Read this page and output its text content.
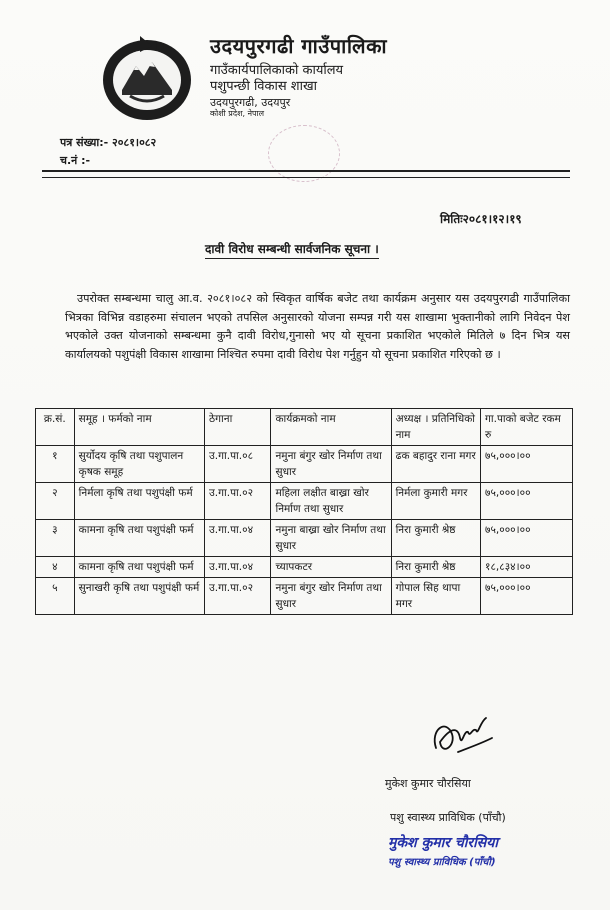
उदयपुरगढी गाउँपालिका
गाउँकार्यपालिकाको कार्यालय
पशुपन्छी विकास शाखा
उदयपुरगढी, उदयपुर
कोशी प्रदेश, नेपाल
पत्र संख्या:- २०८१।०८२
च.नं :-
मितिः२०८१।१२।१९
दावी विरोध सम्बन्धी सार्वजनिक सूचना ।
उपरोक्त सम्बन्धमा चालु आ.व. २०८१।०८२ को स्विकृत वार्षिक बजेट तथा कार्यक्रम अनुसार यस उदयपुरगढी गाउँपालिका भित्रका विभिन्न वडाहरुमा संचालन भएको तपसिल अनुसारको योजना सम्पन्न गरी यस शाखामा भुक्तानीको लागि निवेदन पेश भएकोले उक्त योजनाको सम्बन्धमा कुनै दावी विरोध,गुनासो भए यो सूचना प्रकाशित भएकोले मितिले ७ दिन भित्र यस कार्यालयको पशुपंक्षी विकास शाखामा निश्चित रुपमा दावी विरोध पेश गर्नुहुन यो सूचना प्रकाशित गरिएको छ ।
क्र.सं.	समूह । फर्मको नाम	ठेगाना	कार्यक्रमको नाम	अध्यक्ष । प्रतिनिधिको नाम	गा.पाको बजेट रकम रु
१	सुर्योदय कृषि तथा पशुपालन कृषक समूह	उ.गा.पा.०८	नमुना बंगुर खोर निर्माण तथा सुधार	ढक बहादुर राना मगर	७५,०००।००
२	निर्मला कृषि तथा पशुपंक्षी फर्म	उ.गा.पा.०२	महिला लक्षीत बाख्रा खोर निर्माण तथा सुधार	निर्मला कुमारी मगर	७५,०००।००
३	कामना कृषि तथा पशुपंक्षी फर्म	उ.गा.पा.०४	नमुना बाख्रा खोर निर्माण तथा सुधार	निरा कुमारी श्रेष्ठ	७५,०००।००
४	कामना कृषि तथा पशुपंक्षी फर्म	उ.गा.पा.०४	च्यापकटर	निरा कुमारी श्रेष्ठ	१८,८३४।००
५	सुनाखरी कृषि तथा पशुपंक्षी फर्म	उ.गा.पा.०२	नमुना बंगुर खोर निर्माण तथा सुधार	गोपाल सिह थापा मगर	७५,०००।००
मुकेश कुमार चौरसिया
पशु स्वास्थ्य प्राविधिक (पाँचौ)
मुकेश कुमार चौरसिया
पशु स्वास्थ्य प्राविधिक (पाँचौ)
